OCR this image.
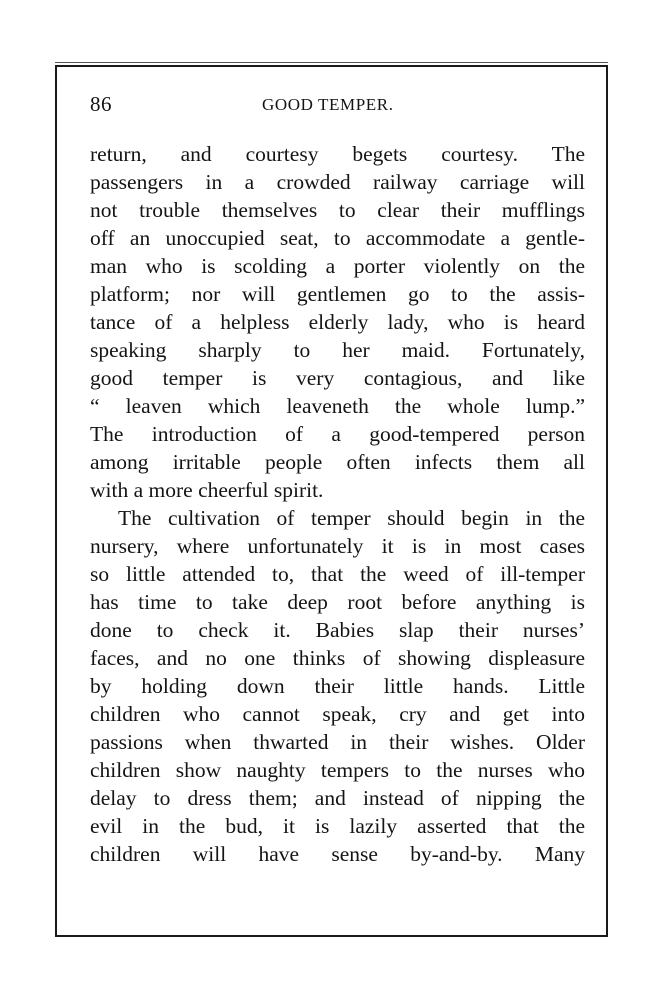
86	GOOD TEMPER.
return, and courtesy begets courtesy. The
passengers in a crowded railway carriage will
not trouble themselves to clear their mufflings
off an unoccupied seat, to accommodate a gentle-
man who is scolding a porter violently on the
platform; nor will gentlemen go to the assis-
tance of a helpless elderly lady, who is heard
speaking sharply to her maid. Fortunately,
good temper is very contagious, and like
“ leaven which leaveneth the whole lump.”
The introduction of a good-tempered person
among irritable people often infects them all
with a more cheerful spirit.
The cultivation of temper should begin in the
nursery, where unfortunately it is in most cases
so little attended to, that the weed of ill-temper
has time to take deep root before anything is
done to check it. Babies slap their nurses’
faces, and no one thinks of showing displeasure
by holding down their little hands. Little
children who cannot speak, cry and get into
passions when thwarted in their wishes. Older
children show naughty tempers to the nurses who
delay to dress them; and instead of nipping the
evil in the bud, it is lazily asserted that the
children will have sense by-and-by. Many
